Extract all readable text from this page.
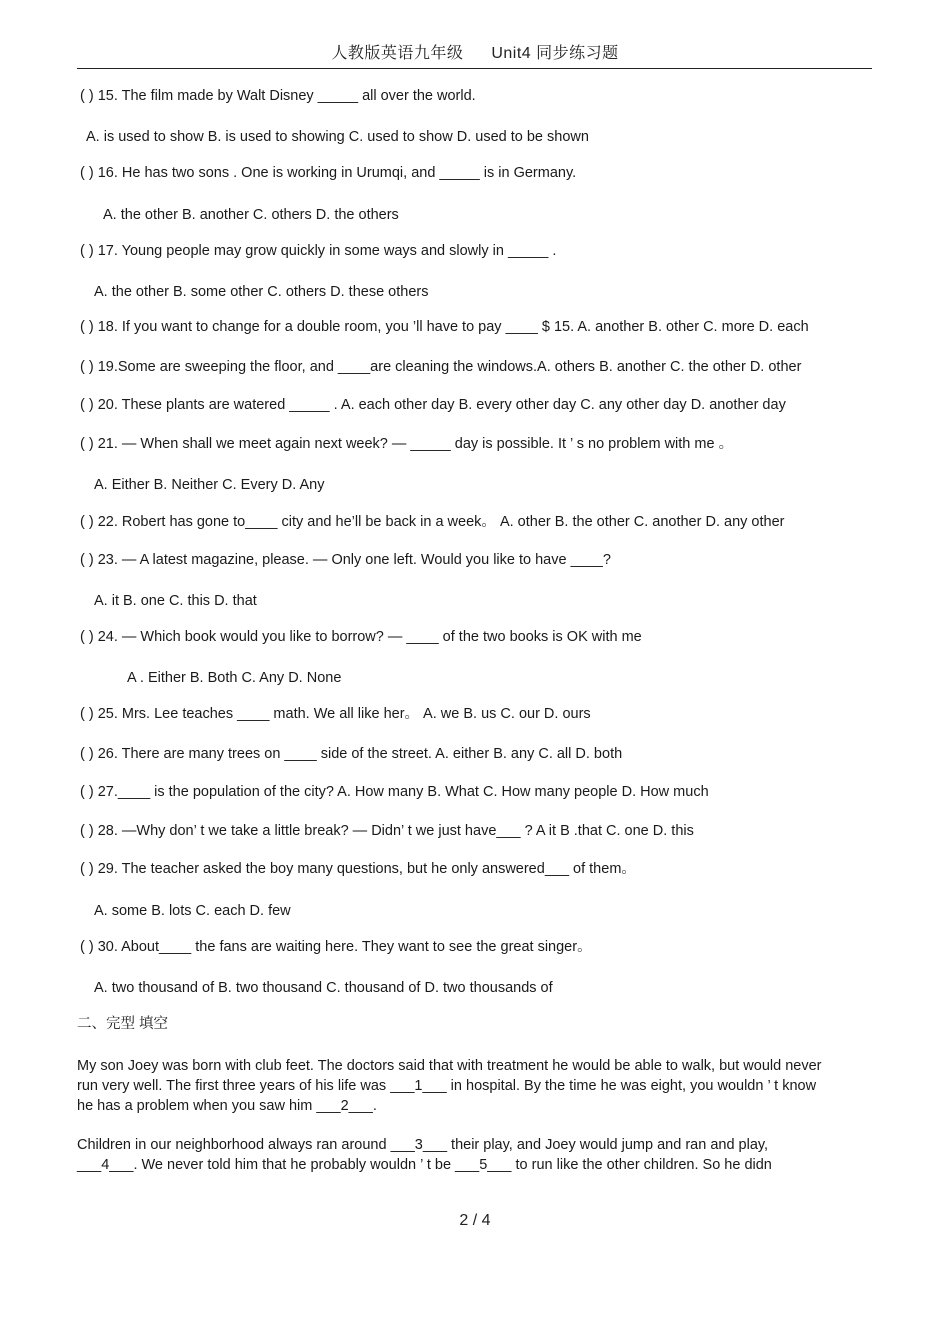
人教版英语九年级 Unit4 同步练习题
( ) 15. The film made by Walt Disney _____ all over the world.
A. is used to show B. is used to showing C. used to show D. used to be shown
( ) 16. He has two sons . One is working in Urumqi, and _____ is in Germany.
A. the other B. another C. others D. the others
( ) 17. Young people may grow quickly in some ways and slowly in _____ .
A. the other B. some other C. others D. these others
( ) 18. If you want to change for a double room, you ’ll have to pay ____ $ 15. A. another B. other C. more D. each
( ) 19.Some are sweeping the floor, and ____are cleaning the windows.A. others B. another C. the other D. other
( ) 20. These plants are watered _____ . A. each other day B. every other day C. any other day D. another day
( ) 21. ― When shall we meet again next week? ― _____ day is possible. It ’ s no problem with me 。
A. Either B. Neither C. Every D. Any
( ) 22. Robert has gone to____ city and he’ll be back in a week。 A. other B. the other C. another D. any other
( ) 23. ― A latest magazine, please. ― Only one left. Would you like to have ____?
A. it B. one C. this D. that
( ) 24. ― Which book would you like to borrow? ― ____ of the two books is OK with me
A . Either B. Both C. Any D. None
( ) 25. Mrs. Lee teaches ____ math. We all like her。 A. we B. us C. our D. ours
( ) 26. There are many trees on ____ side of the street. A. either B. any C. all D. both
( ) 27.____ is the population of the city? A. How many B. What C. How many people D. How much
( ) 28. ―Why don’ t we take a little break? ― Didn’ t we just have___ ? A it B .that C. one D. this
( ) 29. The teacher asked the boy many questions, but he only answered___ of them。
A. some B. lots C. each D. few
( ) 30. About____ the fans are waiting here. They want to see the great singer。
A. two thousand of B. two thousand C. thousand of D. two thousands of
二、完型 填空
My son Joey was born with club feet. The doctors said that with treatment he would be able to walk, but would never
run very well. The first three years of his life was ___1___ in hospital. By the time he was eight, you wouldn ’ t know
he has a problem when you saw him ___2___.
Children in our neighborhood always ran around ___3___ their play, and Joey would jump and ran and play,
___4___. We never told him that he probably wouldn ’ t be ___5___ to run like the other children. So he didn
2 / 4
